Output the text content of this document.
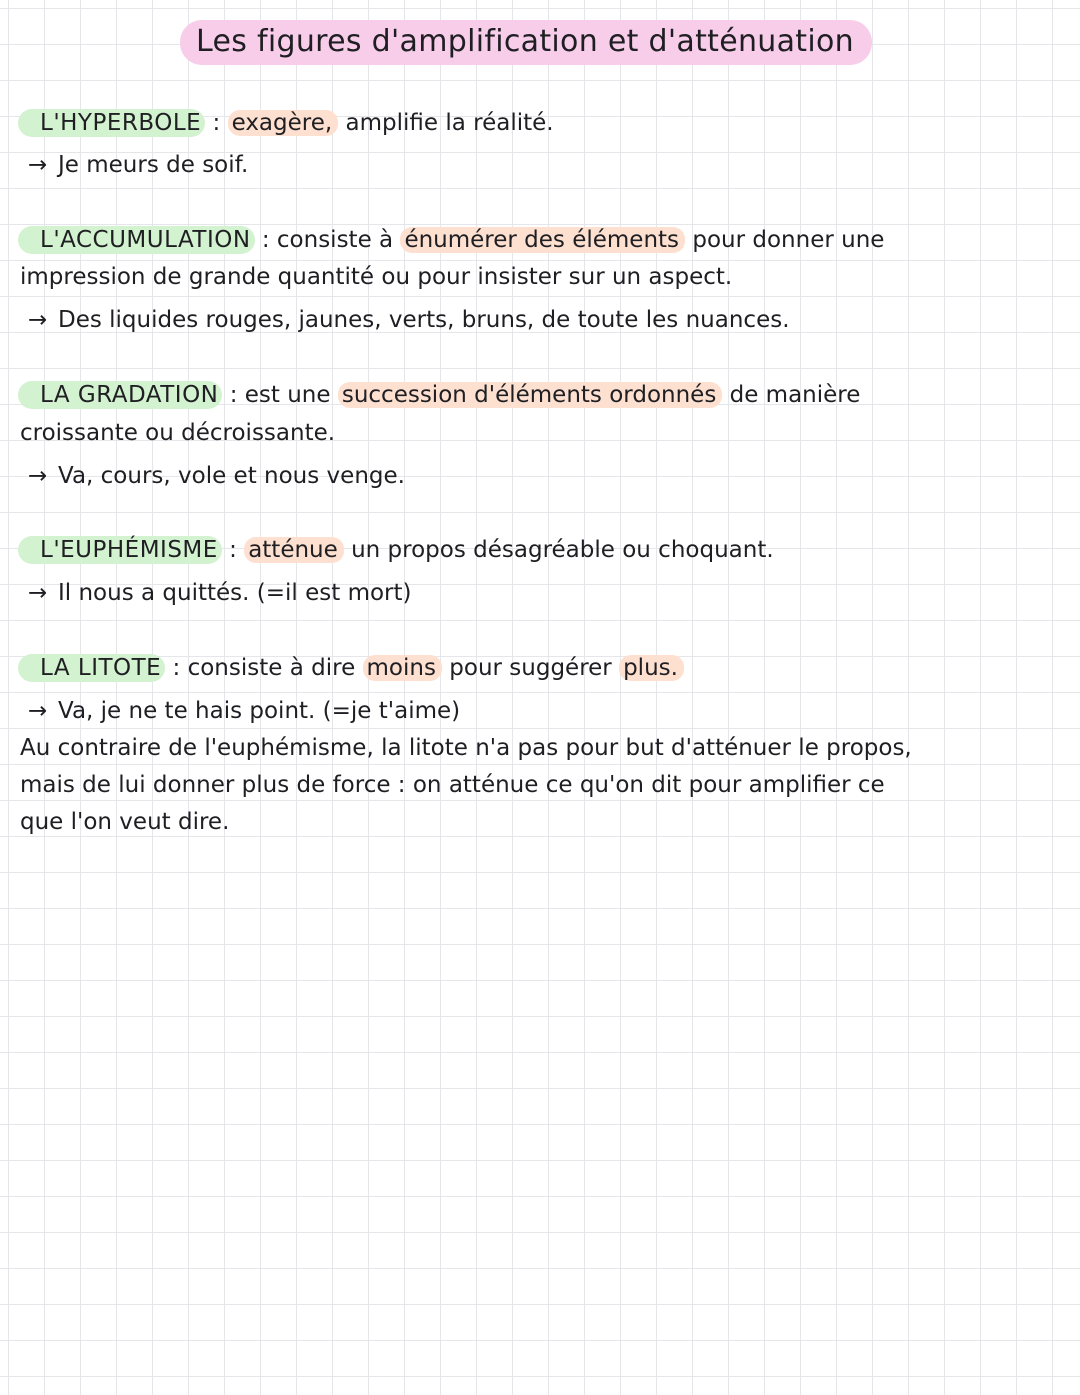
Les figures d'amplification et d'atténuation
L'HYPERBOLE : exagère, amplifie la réalité.
→ Je meurs de soif.
L'ACCUMULATION : consiste à énumérer des éléments pour donner une
impression de grande quantité ou pour insister sur un aspect.
→ Des liquides rouges, jaunes, verts, bruns, de toute les nuances.
LA GRADATION : est une succession d'éléments ordonnés de manière
croissante ou décroissante.
→ Va, cours, vole et nous venge.
L'EUPHÉMISME : atténue un propos désagréable ou choquant.
→ Il nous a quittés. (=il est mort)
LA LITOTE : consiste à dire moins pour suggérer plus.
→ Va, je ne te hais point. (=je t'aime)
Au contraire de l'euphémisme, la litote n'a pas pour but d'atténuer le propos,
mais de lui donner plus de force : on atténue ce qu'on dit pour amplifier ce
que l'on veut dire.
